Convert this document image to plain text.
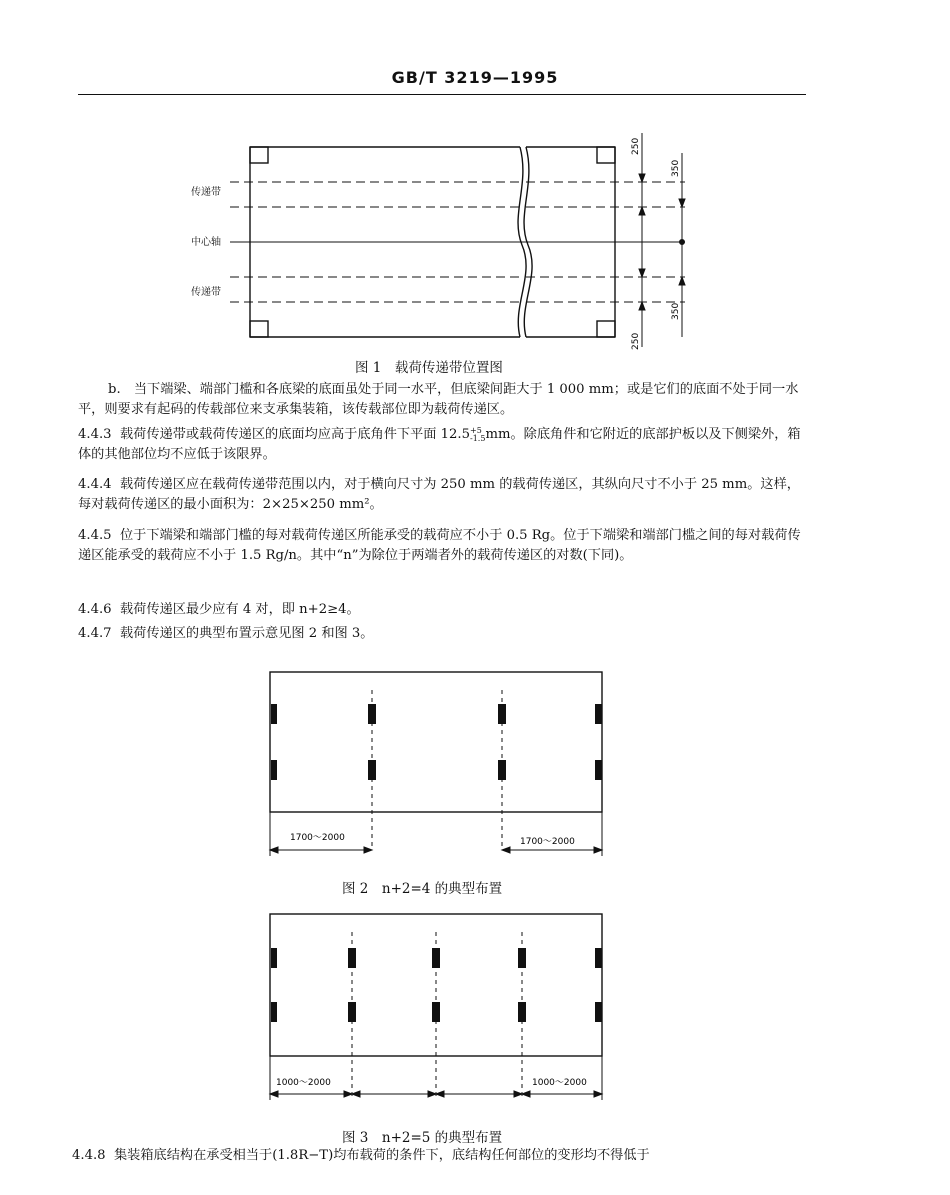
GB/T 3219—1995
传递带
中心轴
传递带
250
350
350
250
图 1　载荷传递带位置图

b.　当下端梁、端部门槛和各底梁的底面虽处于同一水平，但底梁间距大于 1 000 mm；或是它们的底面不处于同一水平，则要求有起码的传载部位来支承集装箱，该传载部位即为载荷传递区。

4.4.3 载荷传递带或载荷传递区的底面均应高于底角件下平面 12.5 +5
-1.5 mm。除底角件和它附近的底部护板以及下侧梁外，箱体的其他部位均不应低于该限界。

4.4.4 载荷传递区应在载荷传递带范围以内，对于横向尺寸为 250 mm 的载荷传递区，其纵向尺寸不小于 25 mm。这样，每对载荷传递区的最小面积为：2×25×250 mm²。

4.4.5 位于下端梁和端部门槛的每对载荷传递区所能承受的载荷应不小于 0.5 Rg。位于下端梁和端部门槛之间的每对载荷传递区能承受的载荷应不小于 1.5 Rg/n。其中“n”为除位于两端者外的载荷传递区的对数(下同)。

4.4.6 载荷传递区最少应有 4 对，即 n+2≥4。

4.4.7 载荷传递区的典型布置示意见图 2 和图 3。

1700～2000	1700～2000
图 2　n+2=4 的典型布置
1000～2000	1000～2000
图 3　n+2=5 的典型布置

4.4.8 集装箱底结构在承受相当于(1.8R−T)均布载荷的条件下，底结构任何部位的变形均不得低于
